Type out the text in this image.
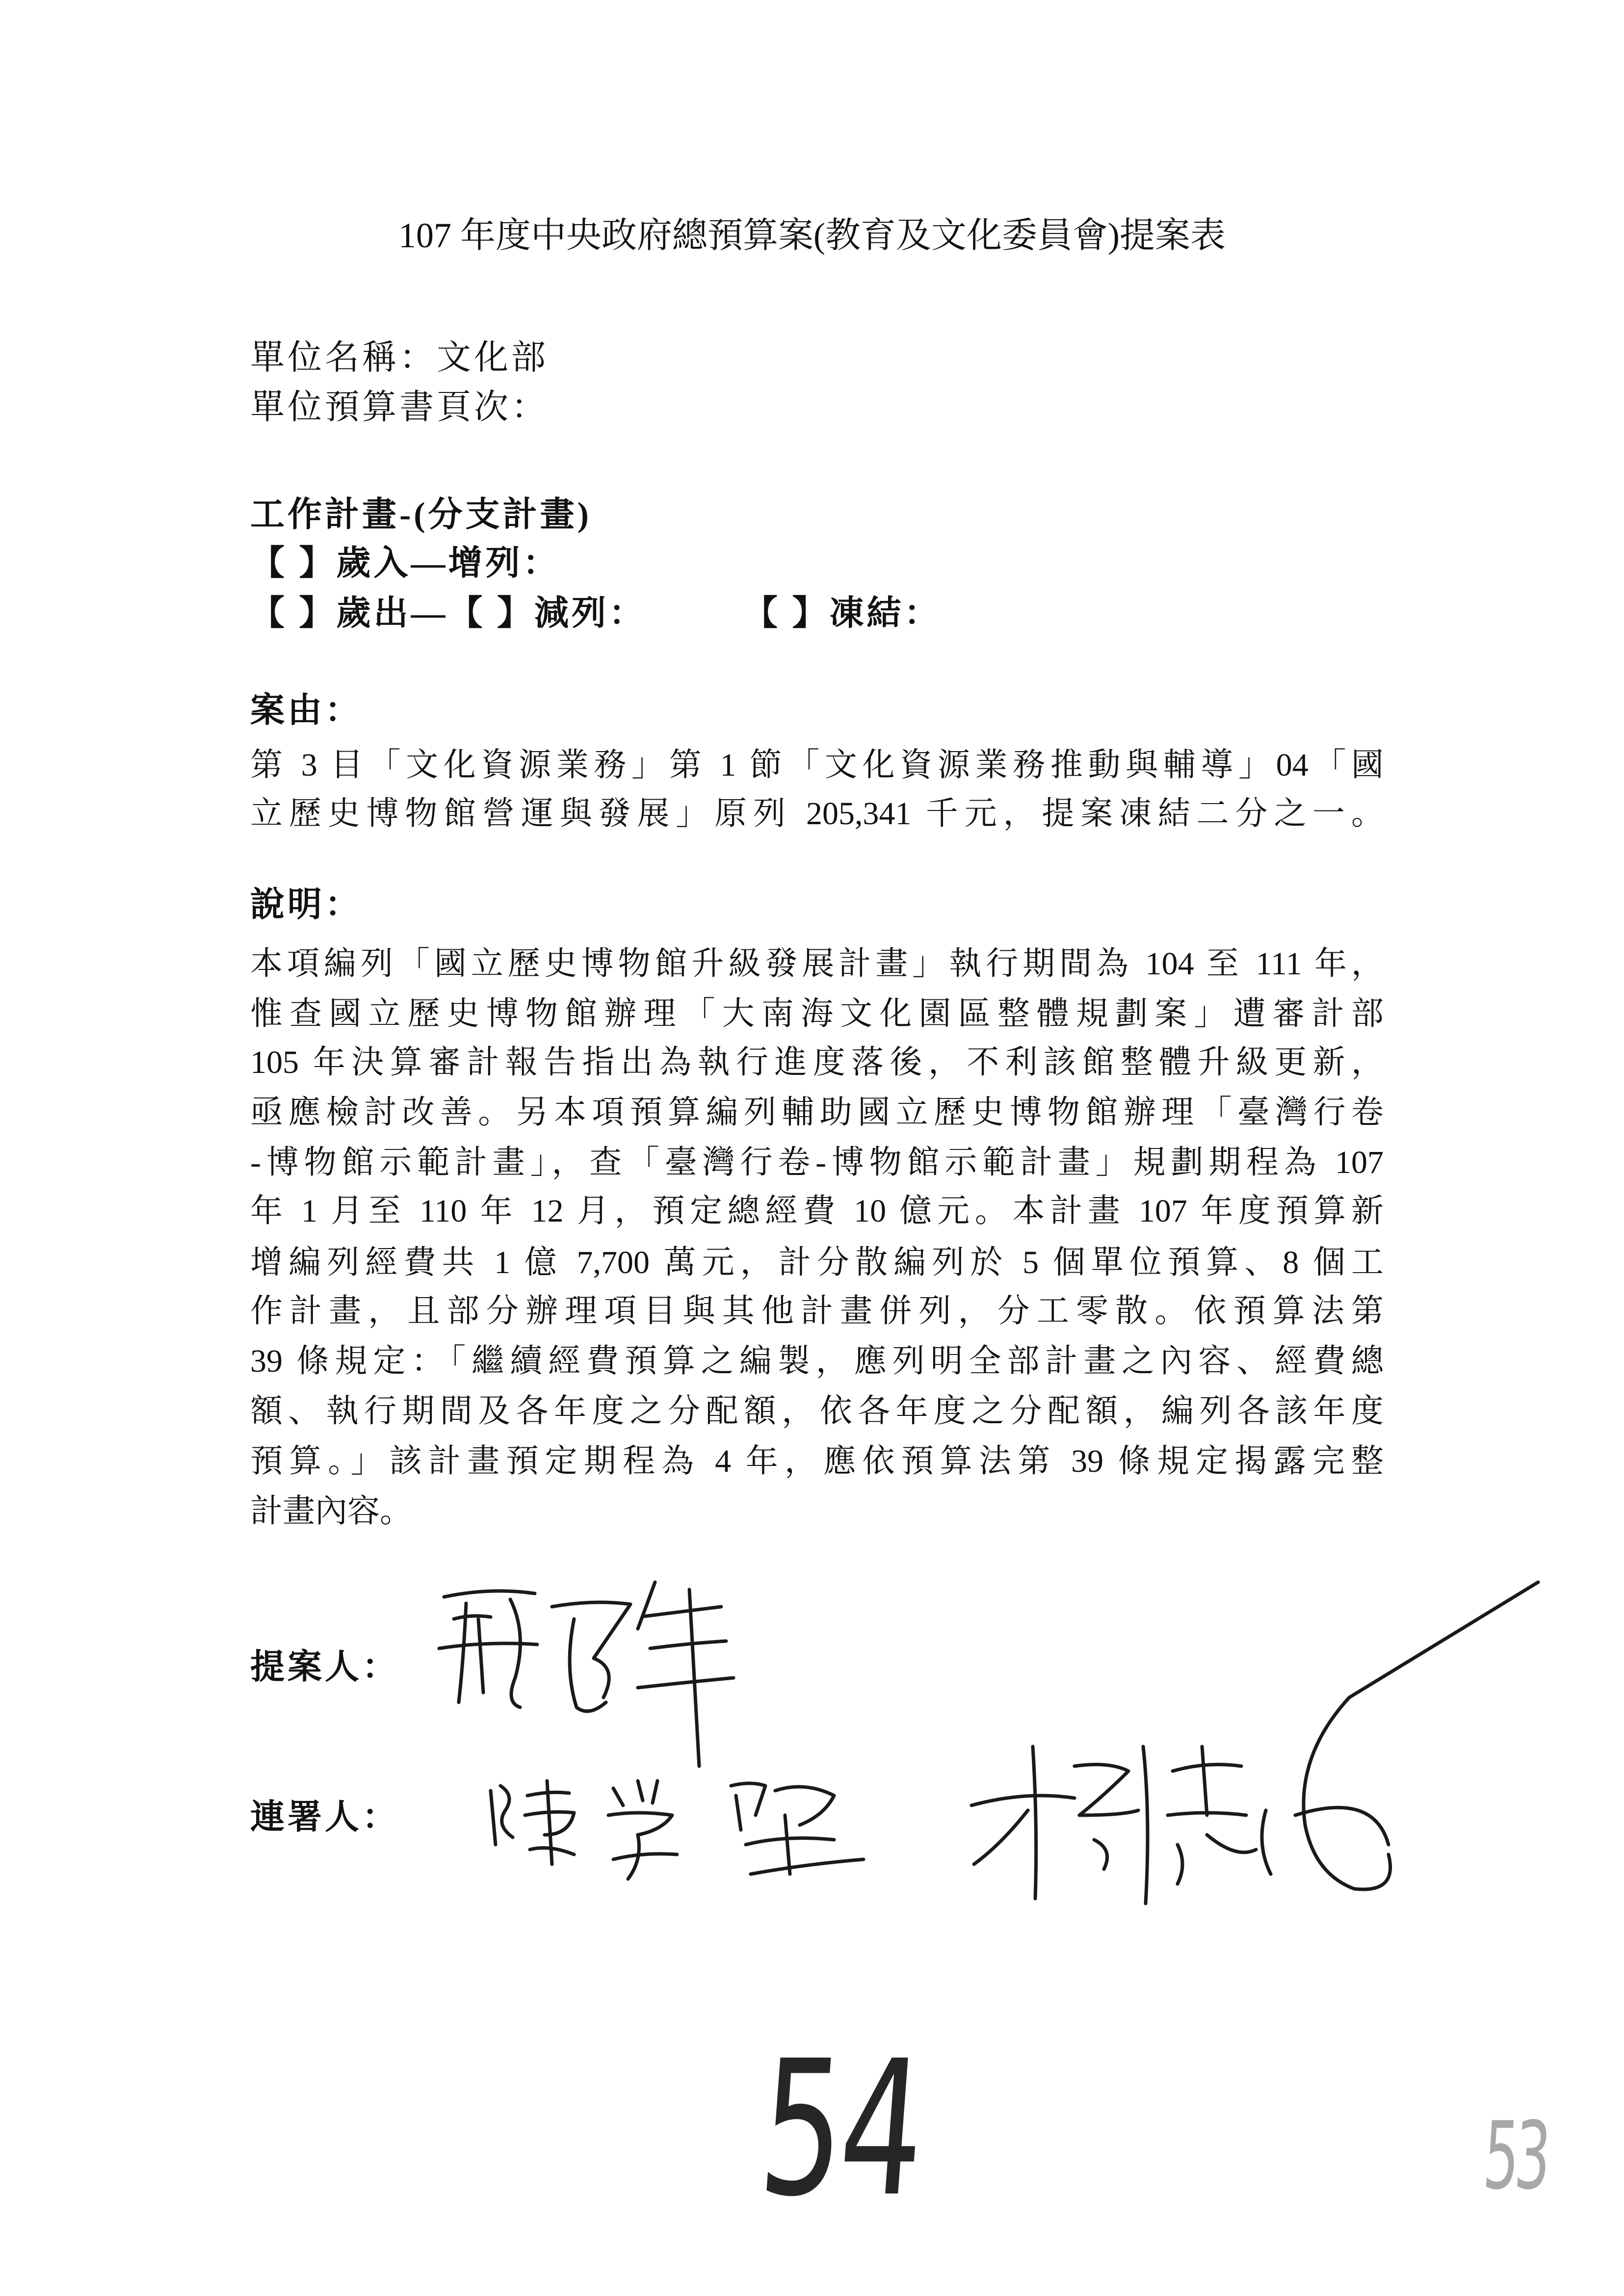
107 年度中央政府總預算案(教育及文化委員會)提案表
單位名稱：文化部
單位預算書頁次：
工作計畫-(分支計畫)
【 】歲入—增列：
【 】歲出—【 】減列：	【 】凍結：
案由：
第 3 目「文化資源業務」第 1 節「文化資源業務推動與輔導」04「國
立歷史博物館營運與發展」原列 205,341 千元，提案凍結二分之一。
說明：
本項編列「國立歷史博物館升級發展計畫」執行期間為 104 至 111 年，
惟查國立歷史博物館辦理「大南海文化園區整體規劃案」遭審計部
105 年決算審計報告指出為執行進度落後，不利該館整體升級更新，
亟應檢討改善。另本項預算編列輔助國立歷史博物館辦理「臺灣行卷
-博物館示範計畫」，查「臺灣行卷-博物館示範計畫」規劃期程為 107
年 1 月至 110 年 12 月，預定總經費 10 億元。本計畫 107 年度預算新
增編列經費共 1 億 7,700 萬元，計分散編列於 5 個單位預算、8 個工
作計畫，且部分辦理項目與其他計畫併列，分工零散。依預算法第
39 條規定：「繼續經費預算之編製，應列明全部計畫之內容、經費總
額、執行期間及各年度之分配額，依各年度之分配額，編列各該年度
預算。」該計畫預定期程為 4 年，應依預算法第 39 條規定揭露完整
計畫內容。
提案人：
連署人：
54	53
